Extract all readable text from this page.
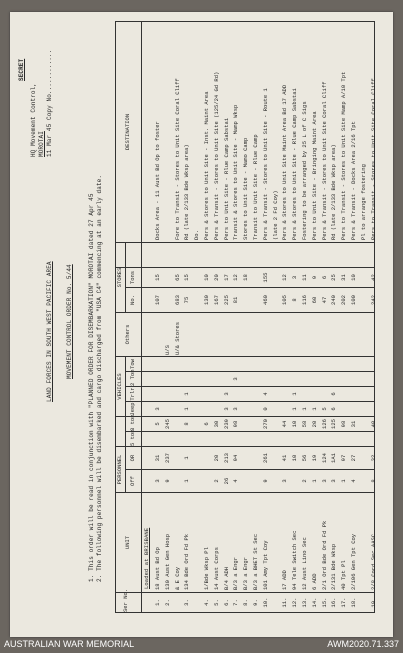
SECRET
HQ Movement Control, MOROTAI 11 Mar 45 Copy No............
LAND FORCES IN SOUTH WEST PACIFIC AREA MOVEMENT CONTROL ORDER No. 5/44	1. This order will be read in conjunction with "PLANNED ORDER FOR DISEMBARKATION" MOROTAI dated 27 Apr 45 2. The following personnel will be disembarked and cargo discharged from "USA C4" commencing at an early date.
Ser No.
UNIT
PERSONNEL Off
OR
5 ton
3 ton
VEHICLES
Jeep
Trlr
2 Ton
Tow
Others
STORES
No.
Tons
DESTINATION
Loaded at BRISBANE
1.
18 Aust Bd Op
3
31
5
3
107
15
Docks Area - 11 Aust Bd Op to foster
2.
130 Aust Gen Hosp
9
237
245
U/S
& E Coy
U/& Stores
683
65
Fore to Transit - Stores to Unit Site Coral Cliff
3.
134 Bde Ord Fd Pk
1
1
8
1
1
75
15
Rd (late 2/133 Bde Wksp area) Do.
4.
1/Bde Wksp Pl
6
130
10
Pers & Stores to Unit Site - Inst. Maint Area
5.
14 Aust Corps
2
20
30
167
20
Pers & Transit - Stores to Unit Site (125/24 Gd Rd)
6.
B/4 ADH
26
213
239
3
3
225
17
Pers to Unit Site - Rlue Camp Sabstai
7.
B/3 a Engr
4
94
98
3
3
81
12
Transit & Stores to Unit Site - Mamp Wksp
8.
B/3 a Engr
18
Stores to Unit Site - Mamo Camp
9.
B/3 a BHET St Sec
Transit to Unit Site - Rlue Camp
10.
101 Amy Tpt Coy
9
261
270
0
4
460
155
Pers & Transit - Stores to Unit Site - Route 1 (late 2 Fd Coy)
11.
17 ADD
3
41
44
105
12
Pers & Stores to Unit Site Maint Area Bd 17 ADD
12.
94 Tele Switch Sec
10
10
1
1
8
3
Pers & Stores to Unit Site - Rlue Camp Sabstai
13.
12 Aust Lino Sec
2
56
58
1
116
11
Fostering to be arranged by 25 L of C Sigs
14.
6 ADD
1
19
20
1
60
9
Pers to Unit Site - Bringing Maint Area
15.
2/1 Ord Bde Ord Fd Pk
3
124
126
5
47
6
Pers & Transit - Stores to Unit Site Coral Cliff
16.
2/131 Bde Wksp
3
1A1
125
6
6
240
25
Rd (late 2/133 Bde Wksp area)
17.
40 Tpt Pl
1
97
98
202
31
Pers to Transit - Stores to Unit Site Mamp A/10 Tpt
18.
2/106 Gen Tpt Coy
4
27
31
100
10
Pers & Transit - Docks Area 2/16 Tpt Pl to arrange fostering
19.
2/8 Cord Sec AASC
8
32
40
242
42
Pers to Transit - Stores to Unit Site Coral Cliff
AUSTRALIAN WAR MEMORIAL	AWM2020.71.337
